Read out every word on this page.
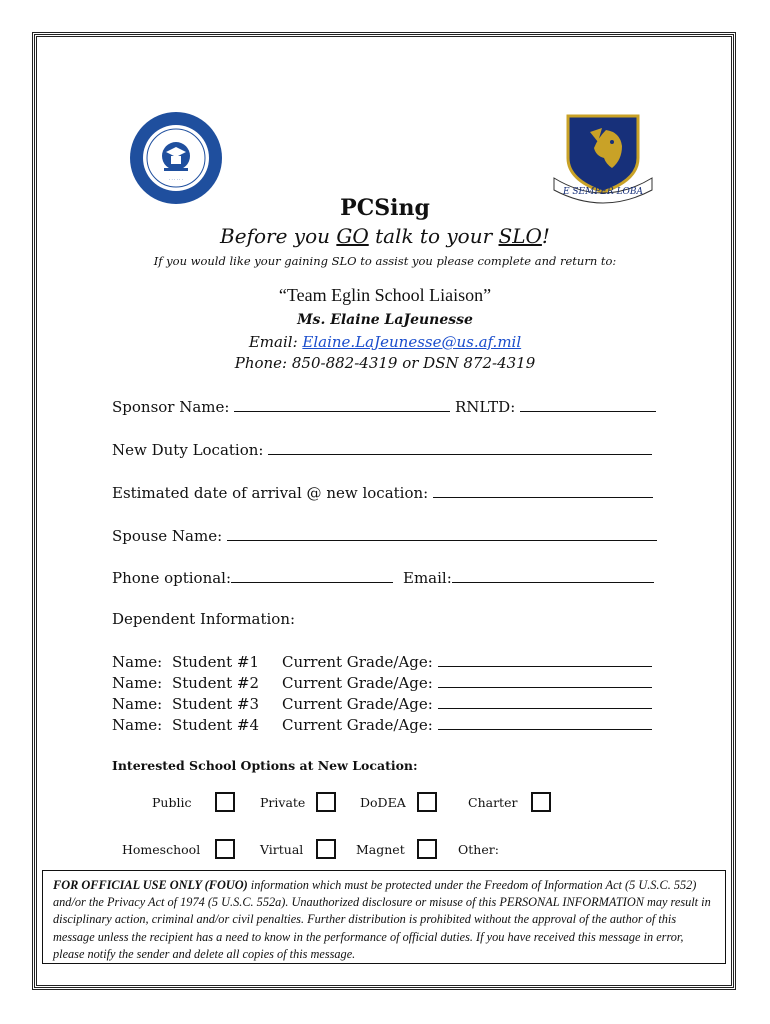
· · · · · ·
E SEMPER LOBA
PCSing
Before you GO talk to your SLO!
If you would like your gaining SLO to assist you please complete and return to:
“Team Eglin School Liaison”
Ms. Elaine LaJeunesse
Email: Elaine.LaJeunesse@us.af.mil
Phone: 850-882-4319 or DSN 872-4319
Sponsor Name:	RNLTD:
New Duty Location:
Estimated date of arrival @ new location:
Spouse Name:
Phone optional:	Email:
Dependent Information:
Name: Student #1 Current Grade/Age:
Name: Student #2 Current Grade/Age:
Name: Student #3 Current Grade/Age:
Name: Student #4 Current Grade/Age:
Interested School Options at New Location:
Public	Private	DoDEA	Charter
Homeschool	Virtual	Magnet	Other:
FOR OFFICIAL USE ONLY (FOUO) information which must be protected under the Freedom of Information Act (5 U.S.C. 552) and/or the Privacy Act of 1974 (5 U.S.C. 552a). Unauthorized disclosure or misuse of this PERSONAL INFORMATION may result in disciplinary action, criminal and/or civil penalties. Further distribution is prohibited without the approval of the author of this message unless the recipient has a need to know in the performance of official duties. If you have received this message in error, please notify the sender and delete all copies of this message.
